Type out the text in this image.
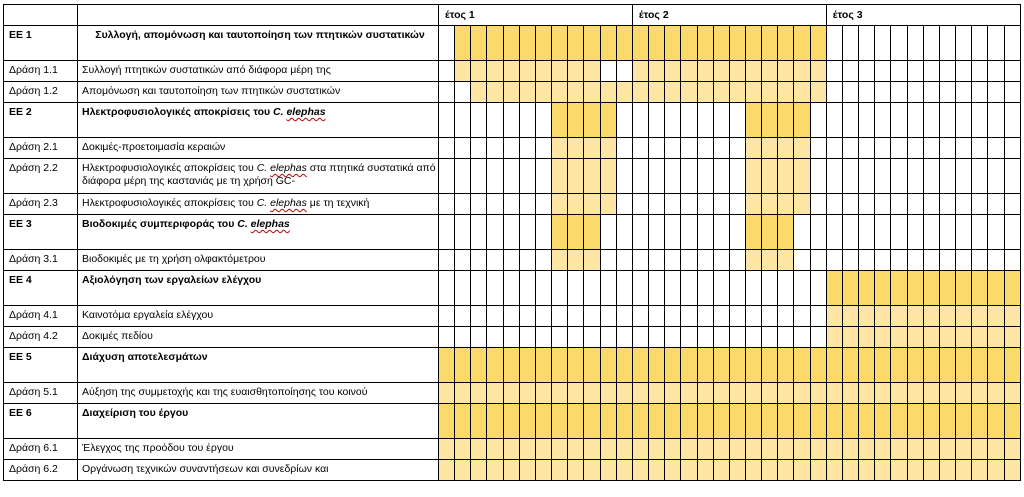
		έτος 1												έτος 2												έτος 3											

ΕΕ 1	Συλλογή, απομόνωση και ταυτοποίηση των πτητικών συστατικών																																				

Δράση 1.1	Συλλογή πτητικών συστατικών από διάφορα μέρη της																																				

Δράση 1.2	Απομόνωση και ταυτοποίηση των πτητικών συστατικών																																				

ΕΕ 2	Ηλεκτροφυσιολογικές αποκρίσεις του C. elephas																																				

Δράση 2.1	Δοκιμές-προετοιμασία κεραιών																																				

Δράση 2.2	Ηλεκτροφυσιολογικές αποκρίσεις του C. elephas στα πτητικά συστατικά από διάφορα μέρη της καστανιάς με τη χρήση GC-																																				

Δράση 2.3	Ηλεκτροφυσιολογικές αποκρίσεις του C. elephas με τη τεχνική																																				

ΕΕ 3	Βιοδοκιμές συμπεριφοράς του C. elephas																																				

Δράση 3.1	Βιοδοκιμές με τη χρήση ολφακτόμετρου																																				

ΕΕ 4	Αξιολόγηση των εργαλείων ελέγχου																																				

Δράση 4.1	Καινοτόμα εργαλεία ελέγχου																																				

Δράση 4.2	Δοκιμές πεδίου																																				

ΕΕ 5	Διάχυση αποτελεσμάτων																																				

Δράση 5.1	Αύξηση της συμμετοχής και της ευαισθητοποίησης του κοινού																																				

ΕΕ 6	Διαχείριση του έργου																																				

Δράση 6.1	Έλεγχος της προόδου του έργου																																				

Δράση 6.2	Οργάνωση τεχνικών συναντήσεων και συνεδρίων και																																				
